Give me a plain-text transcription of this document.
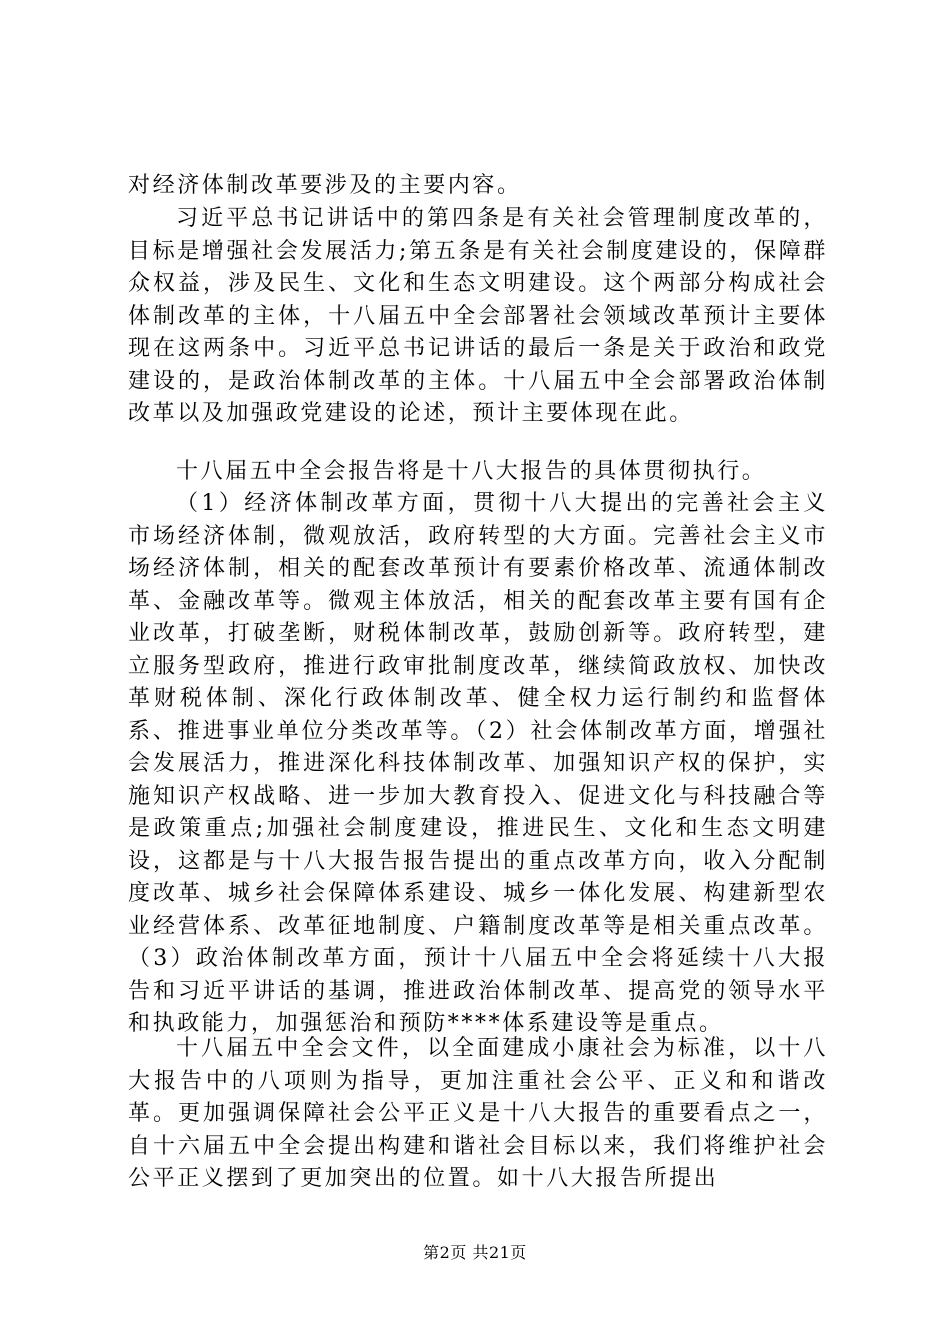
对经济体制改革要涉及的主要内容。

习近平总书记讲话中的第四条是有关社会管理制度改革的，目标是增强社会发展活力;第五条是有关社会制度建设的，保障群众权益，涉及民生、文化和生态文明建设。这个两部分构成社会体制改革的主体，十八届五中全会部署社会领域改革预计主要体现在这两条中。习近平总书记讲话的最后一条是关于政治和政党建设的，是政治体制改革的主体。十八届五中全会部署政治体制改革以及加强政党建设的论述，预计主要体现在此。

十八届五中全会报告将是十八大报告的具体贯彻执行。

（1）经济体制改革方面，贯彻十八大提出的完善社会主义市场经济体制，微观放活，政府转型的大方面。完善社会主义市场经济体制，相关的配套改革预计有要素价格改革、流通体制改革、金融改革等。微观主体放活，相关的配套改革主要有国有企业改革，打破垄断，财税体制改革，鼓励创新等。政府转型，建立服务型政府，推进行政审批制度改革，继续简政放权、加快改革财税体制、深化行政体制改革、健全权力运行制约和监督体系、推进事业单位分类改革等。（2）社会体制改革方面，增强社会发展活力，推进深化科技体制改革、加强知识产权的保护，实施知识产权战略、进一步加大教育投入、促进文化与科技融合等是政策重点;加强社会制度建设，推进民生、文化和生态文明建设，这都是与十八大报告报告提出的重点改革方向，收入分配制度改革、城乡社会保障体系建设、城乡一体化发展、构建新型农业经营体系、改革征地制度、户籍制度改革等是相关重点改革。（3）政治体制改革方面，预计十八届五中全会将延续十八大报告和习近平讲话的基调，推进政治体制改革、提高党的领导水平和执政能力，加强惩治和预防****体系建设等是重点。

十八届五中全会文件，以全面建成小康社会为标准，以十八大报告中的八项则为指导，更加注重社会公平、正义和和谐改革。更加强调保障社会公平正义是十八大报告的重要看点之一，自十六届五中全会提出构建和谐社会目标以来，我们将维护社会公平正义摆到了更加突出的位置。如十八大报告所提出

第2页 共21页
